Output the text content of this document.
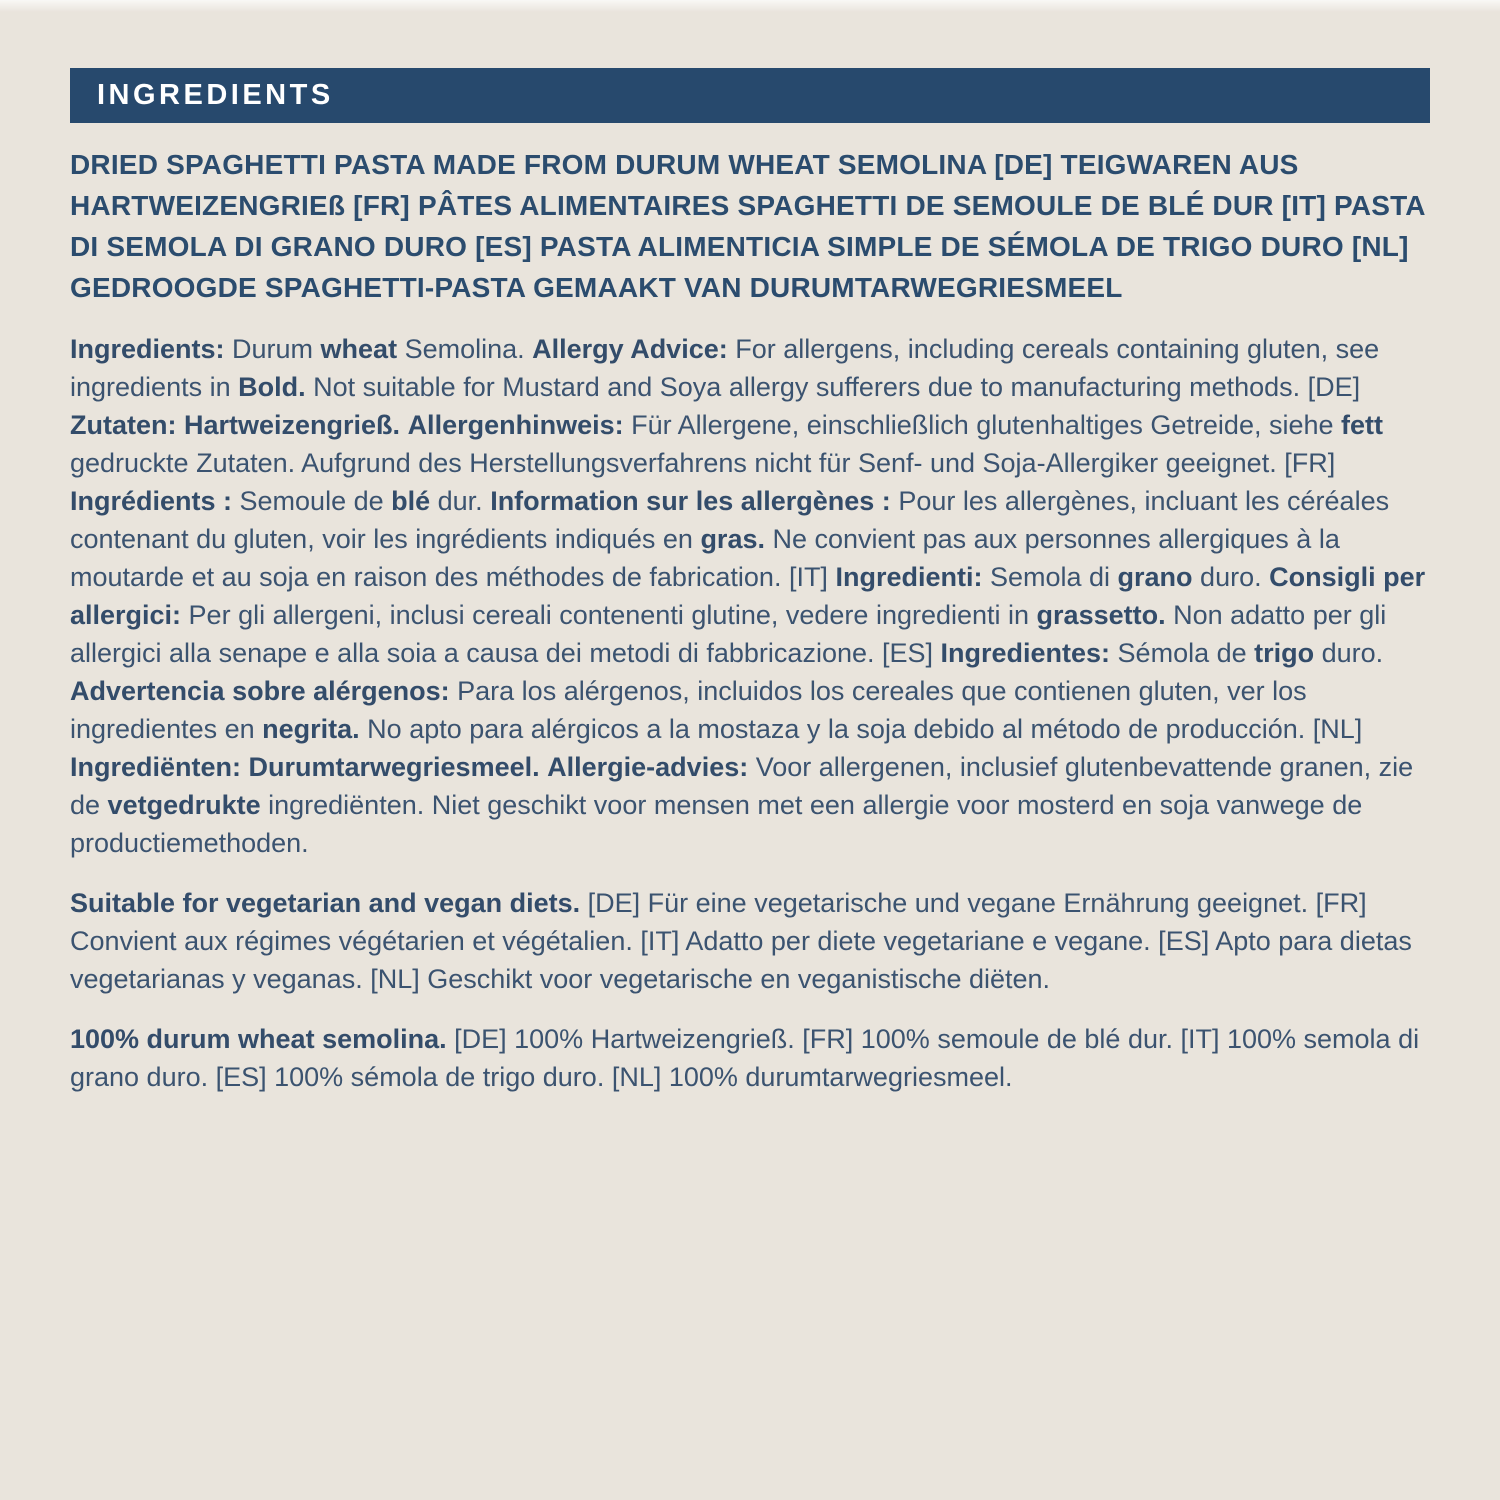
INGREDIENTS
DRIED SPAGHETTI PASTA MADE FROM DURUM WHEAT SEMOLINA [DE] TEIGWAREN AUS HARTWEIZENGRIEß [FR] PÂTES ALIMENTAIRES SPAGHETTI DE SEMOULE DE BLÉ DUR [IT] PASTA DI SEMOLA DI GRANO DURO [ES] PASTA ALIMENTICIA SIMPLE DE SÉMOLA DE TRIGO DURO [NL] GEDROOGDE SPAGHETTI-PASTA GEMAAKT VAN DURUMTARWEGRIESMEEL
Ingredients: Durum wheat Semolina. Allergy Advice: For allergens, including cereals containing gluten, see ingredients in Bold. Not suitable for Mustard and Soya allergy sufferers due to manufacturing methods. [DE] Zutaten: Hartweizengrieß. Allergenhinweis: Für Allergene, einschließlich glutenhaltiges Getreide, siehe fett gedruckte Zutaten. Aufgrund des Herstellungsverfahrens nicht für Senf- und Soja-Allergiker geeignet. [FR] Ingrédients : Semoule de blé dur. Information sur les allergènes : Pour les allergènes, incluant les céréales contenant du gluten, voir les ingrédients indiqués en gras. Ne convient pas aux personnes allergiques à la moutarde et au soja en raison des méthodes de fabrication. [IT] Ingredienti: Semola di grano duro. Consigli per allergici: Per gli allergeni, inclusi cereali contenenti glutine, vedere ingredienti in grassetto. Non adatto per gli allergici alla senape e alla soia a causa dei metodi di fabbricazione. [ES] Ingredientes: Sémola de trigo duro. Advertencia sobre alérgenos: Para los alérgenos, incluidos los cereales que contienen gluten, ver los ingredientes en negrita. No apto para alérgicos a la mostaza y la soja debido al método de producción. [NL] Ingrediënten: Durumtarwegriesmeel. Allergie-advies: Voor allergenen, inclusief glutenbevattende granen, zie de vetgedrukte ingrediënten. Niet geschikt voor mensen met een allergie voor mosterd en soja vanwege de productiemethoden.
Suitable for vegetarian and vegan diets. [DE] Für eine vegetarische und vegane Ernährung geeignet. [FR] Convient aux régimes végétarien et végétalien. [IT] Adatto per diete vegetariane e vegane. [ES] Apto para dietas vegetarianas y veganas. [NL] Geschikt voor vegetarische en veganistische diëten.
100% durum wheat semolina. [DE] 100% Hartweizengrieß. [FR] 100% semoule de blé dur. [IT] 100% semola di grano duro. [ES] 100% sémola de trigo duro. [NL] 100% durumtarwegriesmeel.
